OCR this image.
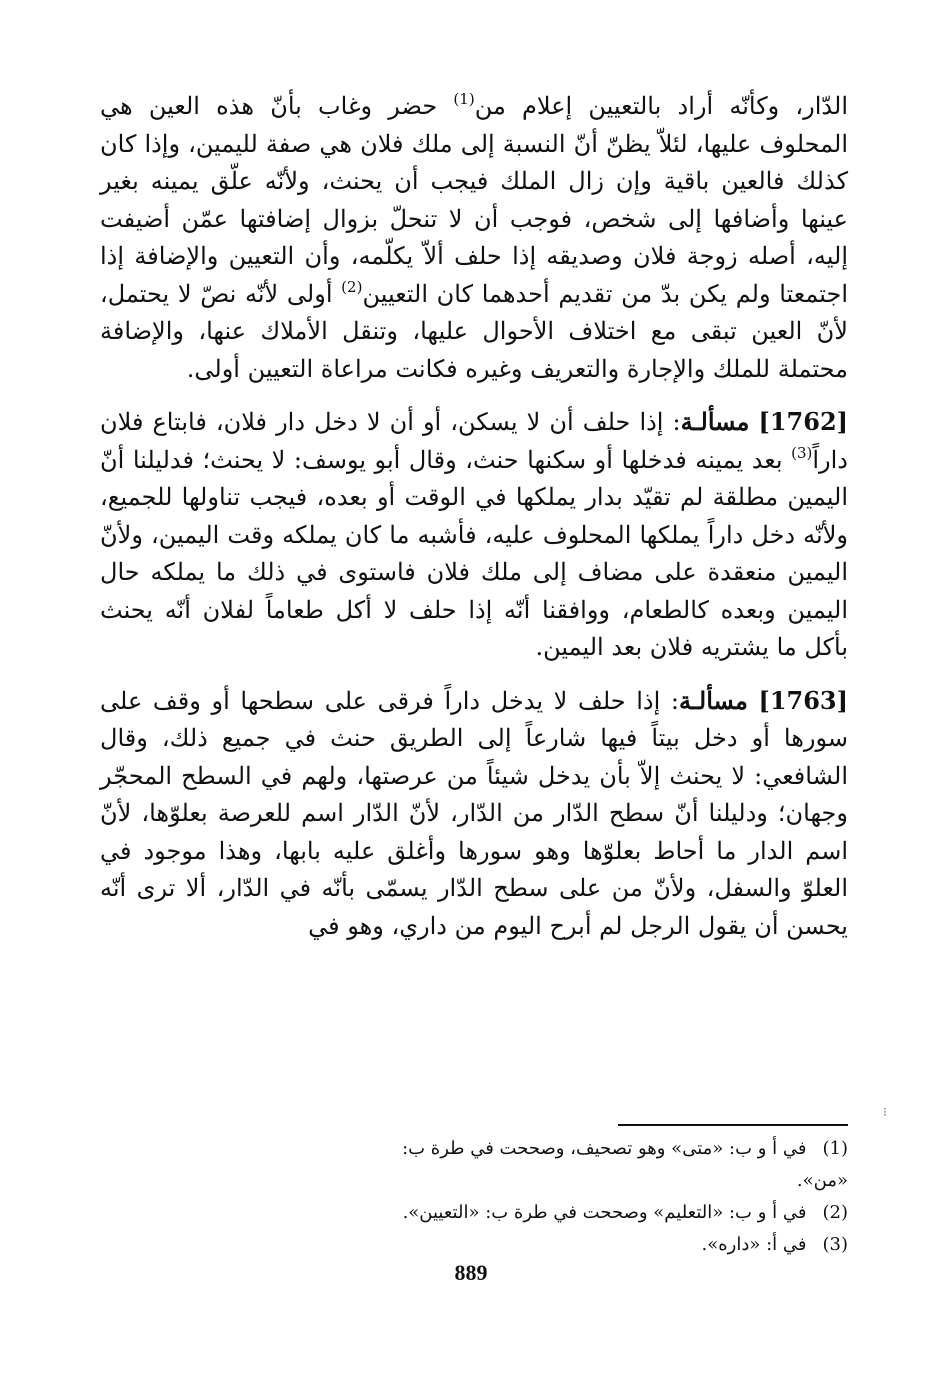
الدّار، وكأنّه أراد بالتعيين إعلام من$^{(1)}$ حضر وغاب بأنّ هذه العين هي المحلوف عليها، لئلاّ يظنّ أنّ النسبة إلى ملك فلان هي صفة لليمين، وإذا كان كذلك فالعين باقية وإن زال الملك فيجب أن يحنث، ولأنّه علّق يمينه بغير عينها وأضافها إلى شخص، فوجب أن لا تنحلّ بزوال إضافتها عمّن أضيفت إليه، أصله زوجة فلان وصديقه إذا حلف ألاّ يكلّمه، وأن التعيين والإضافة إذا اجتمعتا ولم يكن بدّ من تقديم أحدهما كان التعيين$^{(2)}$ أولى لأنّه نصّ لا يحتمل، لأنّ العين تبقى مع اختلاف الأحوال عليها، وتنقل الأملاك عنها، والإضافة محتملة للملك والإجارة والتعريف وغيره فكانت مراعاة التعيين أولى.

[1762] مسألـة: إذا حلف أن لا يسكن، أو أن لا دخل دار فلان، فابتاع فلان داراً$^{(3)}$ بعد يمينه فدخلها أو سكنها حنث، وقال أبو يوسف: لا يحنث؛ فدليلنا أنّ اليمين مطلقة لم تقيّد بدار يملكها في الوقت أو بعده، فيجب تناولها للجميع، ولأنّه دخل داراً يملكها المحلوف عليه، فأشبه ما كان يملكه وقت اليمين، ولأنّ اليمين منعقدة على مضاف إلى ملك فلان فاستوى في ذلك ما يملكه حال اليمين وبعده كالطعام، ووافقنا أنّه إذا حلف لا أكل طعاماً لفلان أنّه يحنث بأكل ما يشتريه فلان بعد اليمين.

[1763] مسألـة: إذا حلف لا يدخل داراً فرقى على سطحها أو وقف على سورها أو دخل بيتاً فيها شارعاً إلى الطريق حنث في جميع ذلك، وقال الشافعي: لا يحنث إلاّ بأن يدخل شيئاً من عرصتها، ولهم في السطح المحجّر وجهان؛ ودليلنا أنّ سطح الدّار من الدّار، لأنّ الدّار اسم للعرصة بعلوّها، لأنّ اسم الدار ما أحاط بعلوّها وهو سورها وأغلق عليه بابها، وهذا موجود في العلوّ والسفل، ولأنّ من على سطح الدّار يسمّى بأنّه في الدّار، ألا ترى أنّه يحسن أن يقول الرجل لم أبرح اليوم من داري، وهو في

(1)في أ و ب: «متى» وهو تصحيف، وصححت في طرة ب: «من».
(2)في أ و ب: «التعليم» وصححت في طرة ب: «التعيين».
(3)في أ: «داره».
⁝
889
